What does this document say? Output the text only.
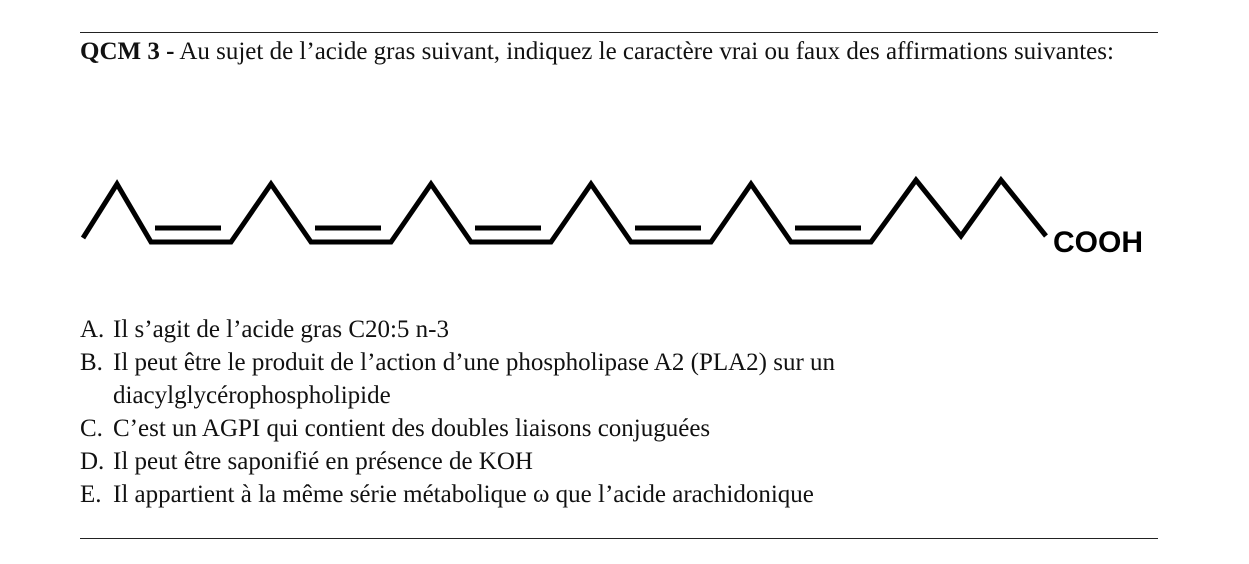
QCM 3 - Au sujet de l’acide gras suivant, indiquez le caractère vrai ou faux des affirmations suivantes:
COOH
A. Il s’agit de l’acide gras C20:5 n-3
B. Il peut être le produit de l’action d’une phospholipase A2 (PLA2) sur un diacylglycérophospholipide
C. C’est un AGPI qui contient des doubles liaisons conjuguées
D. Il peut être saponifié en présence de KOH
E. Il appartient à la même série métabolique ω que l’acide arachidonique
